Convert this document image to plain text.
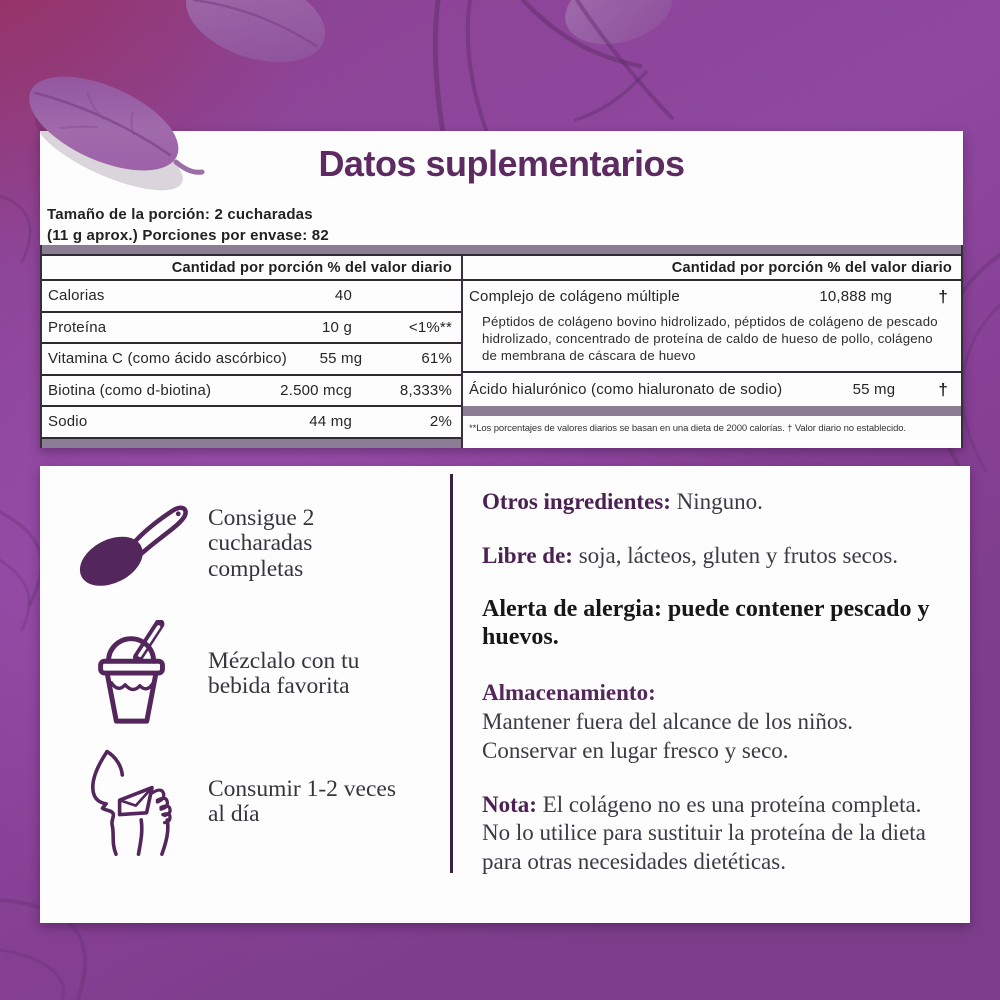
Datos suplementarios
Tamaño de la porción: 2 cucharadas
(11 g aprox.) Porciones por envase: 82
Cantidad por porción % del valor diario
Calorias	40
Proteína	10 g	<1%**
Vitamina C (como ácido ascórbico)	55 mg	61%
Biotina (como d-biotina)	2.500 mcg	8,333%
Sodio	44 mg	2%
Cantidad por porción % del valor diario
Complejo de colágeno múltiple	10,888 mg	†
Péptidos de colágeno bovino hidrolizado, péptidos de colágeno de pescado hidrolizado, concentrado de proteína de caldo de hueso de pollo, colágeno de membrana de cáscara de huevo
Ácido hialurónico (como hialuronato de sodio)	55 mg	†
**Los porcentajes de valores diarios se basan en una dieta de 2000 calorías. † Valor diario no establecido.
Consigue 2 cucharadas completas
Mézclalo con tu bebida favorita
Consumir 1-2 veces al día

Otros ingredientes: Ninguno.

Libre de: soja, lácteos, gluten y frutos secos.

Alerta de alergia: puede contener pescado y huevos.

Almacenamiento:
Mantener fuera del alcance de los niños. Conservar en lugar fresco y seco.

Nota: El colágeno no es una proteína completa. No lo utilice para sustituir la proteína de la dieta para otras necesidades dietéticas.
